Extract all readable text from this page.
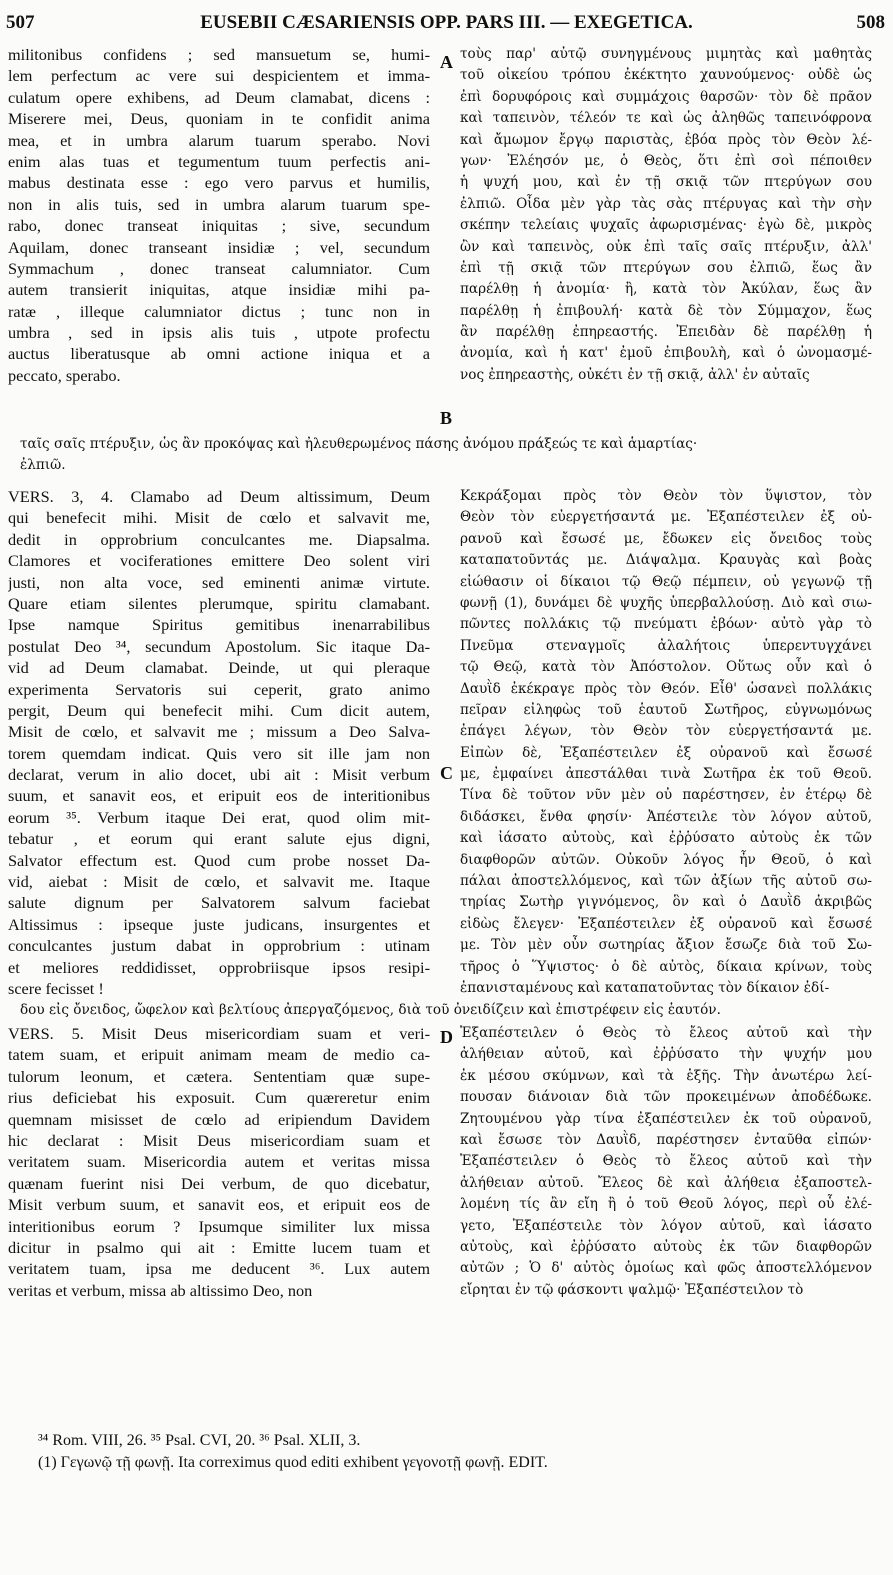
507	EUSEBII CÆSARIENSIS OPP. PARS III. — EXEGETICA.	508
militonibus confidens ; sed mansuetum se, humi-
lem perfectum ac vere sui despicientem et imma-
culatum opere exhibens, ad Deum clamabat, dicens :
Miserere mei, Deus, quoniam in te confidit anima
mea, et in umbra alarum tuarum sperabo. Novi
enim alas tuas et tegumentum tuum perfectis ani-
mabus destinata esse : ego vero parvus et humilis,
non in alis tuis, sed in umbra alarum tuarum spe-
rabo, donec transeat iniquitas ; sive, secundum
Aquilam, donec transeant insidiæ ; vel, secundum
Symmachum , donec transeat calumniator. Cum
autem transierit iniquitas, atque insidiæ mihi pa-
ratæ , illeque calumniator dictus ; tunc non in
umbra , sed in ipsis alis tuis , utpote profectu
auctus liberatusque ab omni actione iniqua et a
peccato, sperabo.
τοὺς παρ' αὐτῷ συνηγμένους μιμητὰς καὶ μαθητὰς
τοῦ οἰκείου τρόπου ἐκέκτητο χαυνούμενος· οὐδὲ ὡς
ἐπὶ δορυφόροις καὶ συμμάχοις θαρσῶν· τὸν δὲ πρᾶον
καὶ ταπεινὸν, τέλεόν τε καὶ ὡς ἀληθῶς ταπεινόφρονα
καὶ ἄμωμον ἔργῳ παριστὰς, ἐβόα πρὸς τὸν Θεὸν λέ-
γων· Ἐλέησόν με, ὁ Θεὸς, ὅτι ἐπὶ σοὶ πέποιθεν
ἡ ψυχή μου, καὶ ἐν τῇ σκιᾷ τῶν πτερύγων σου
ἐλπιῶ. Οἶδα μὲν γὰρ τὰς σὰς πτέρυγας καὶ τὴν σὴν
σκέπην τελείαις ψυχαῖς ἀφωρισμένας· ἐγὼ δὲ, μικρὸς
ὢν καὶ ταπεινὸς, οὐκ ἐπὶ ταῖς σαῖς πτέρυξιν, ἀλλ'
ἐπὶ τῇ σκιᾷ τῶν πτερύγων σου ἐλπιῶ, ἕως ἂν
παρέλθῃ ἡ ἀνομία· ἢ, κατὰ τὸν Ἀκύλαν, ἕως ἂν
παρέλθῃ ἡ ἐπιβουλή· κατὰ δὲ τὸν Σύμμαχον, ἕως
ἂν παρέλθῃ ἐπηρεαστής. Ἐπειδὰν δὲ παρέλθῃ ἡ
ἀνομία, καὶ ἡ κατ' ἐμοῦ ἐπιβουλὴ, καὶ ὁ ὠνομασμέ-
νος ἐπηρεαστὴς, οὐκέτι ἐν τῇ σκιᾷ, ἀλλ' ἐν αὐταῖς
A
B
ταῖς σαῖς πτέρυξιν, ὡς ἂν προκόψας καὶ ἠλευθερωμένος πάσης ἀνόμου πράξεώς τε καὶ ἁμαρτίας·
ἐλπιῶ.
VERS. 3, 4. Clamabo ad Deum altissimum, Deum
qui benefecit mihi. Misit de cœlo et salvavit me,
dedit in opprobrium conculcantes me. Diapsalma.
Clamores et vociferationes emittere Deo solent viri
justi, non alta voce, sed eminenti animæ virtute.
Quare etiam silentes plerumque, spiritu clamabant.
Ipse namque Spiritus gemitibus inenarrabilibus
postulat Deo ³⁴, secundum Apostolum. Sic itaque Da-
vid ad Deum clamabat. Deinde, ut qui pleraque
experimenta Servatoris sui ceperit, grato animo
pergit, Deum qui benefecit mihi. Cum dicit autem,
Misit de cœlo, et salvavit me ; missum a Deo Salva-
torem quemdam indicat. Quis vero sit ille jam non
declarat, verum in alio docet, ubi ait : Misit verbum
suum, et sanavit eos, et eripuit eos de interitionibus
eorum ³⁵. Verbum itaque Dei erat, quod olim mit-
tebatur , et eorum qui erant salute ejus digni,
Salvator effectum est. Quod cum probe nosset Da-
vid, aiebat : Misit de cœlo, et salvavit me. Itaque
salute dignum per Salvatorem salvum faciebat
Altissimus : ipseque juste judicans, insurgentes et
conculcantes justum dabat in opprobrium : utinam
et meliores reddidisset, opprobriisque ipsos resipi-
scere fecisset !
Κεκράξομαι πρὸς τὸν Θεὸν τὸν ὕψιστον, τὸν
Θεὸν τὸν εὐεργετήσαντά με. Ἐξαπέστειλεν ἐξ οὐ-
ρανοῦ καὶ ἔσωσέ με, ἔδωκεν εἰς ὄνειδος τοὺς
καταπατοῦντάς με. Διάψαλμα. Κραυγὰς καὶ βοὰς
εἰώθασιν οἱ δίκαιοι τῷ Θεῷ πέμπειν, οὐ γεγωνῷ τῇ
φωνῇ (1), δυνάμει δὲ ψυχῆς ὑπερβαλλούσῃ. Διὸ καὶ σιω-
πῶντες πολλάκις τῷ πνεύματι ἐβόων· αὐτὸ γὰρ τὸ
Πνεῦμα στεναγμοῖς ἀλαλήτοις ὑπερεντυγχάνει
τῷ Θεῷ, κατὰ τὸν Ἀπόστολον. Οὕτως οὖν καὶ ὁ
Δαυῒδ ἐκέκραγε πρὸς τὸν Θεόν. Εἶθ' ὡσανεὶ πολλάκις
πεῖραν εἰληφὼς τοῦ ἑαυτοῦ Σωτῆρος, εὐγνωμόνως
ἐπάγει λέγων, τὸν Θεὸν τὸν εὐεργετήσαντά με.
Εἰπὼν δὲ, Ἐξαπέστειλεν ἐξ οὐρανοῦ καὶ ἔσωσέ
με, ἐμφαίνει ἀπεστάλθαι τινὰ Σωτῆρα ἐκ τοῦ Θεοῦ.
Τίνα δὲ τοῦτον νῦν μὲν οὐ παρέστησεν, ἐν ἑτέρῳ δὲ
διδάσκει, ἔνθα φησίν· Ἀπέστειλε τὸν λόγον αὐτοῦ,
καὶ ἰάσατο αὐτοὺς, καὶ ἐῤῥύσατο αὐτοὺς ἐκ τῶν
διαφθορῶν αὐτῶν. Οὐκοῦν λόγος ἦν Θεοῦ, ὁ καὶ
πάλαι ἀποστελλόμενος, καὶ τῶν ἀξίων τῆς αὐτοῦ σω-
τηρίας Σωτὴρ γιγνόμενος, ὃν καὶ ὁ Δαυῒδ ἀκριβῶς
εἰδὼς ἔλεγεν· Ἐξαπέστειλεν ἐξ οὐρανοῦ καὶ ἔσωσέ
με. Τὸν μὲν οὖν σωτηρίας ἄξιον ἔσωζε διὰ τοῦ Σω-
τῆρος ὁ Ὕψιστος· ὁ δὲ αὐτὸς, δίκαια κρίνων, τοὺς
ἐπανισταμένους καὶ καταπατοῦντας τὸν δίκαιον ἐδί-
C
δου εἰς ὄνειδος, ὤφελον καὶ βελτίους ἀπεργαζόμενος, διὰ τοῦ ὀνειδίζειν καὶ ἐπιστρέφειν εἰς ἑαυτόν.
VERS. 5. Misit Deus misericordiam suam et veri-
tatem suam, et eripuit animam meam de medio ca-
tulorum leonum, et cætera. Sententiam quæ supe-
rius deficiebat his exposuit. Cum quæreretur enim
quemnam misisset de cœlo ad eripiendum Davidem
hic declarat : Misit Deus misericordiam suam et
veritatem suam. Misericordia autem et veritas missa
quænam fuerint nisi Dei verbum, de quo dicebatur,
Misit verbum suum, et sanavit eos, et eripuit eos de
interitionibus eorum ? Ipsumque similiter lux missa
dicitur in psalmo qui ait : Emitte lucem tuam et
veritatem tuam, ipsa me deducent ³⁶. Lux autem
veritas et verbum, missa ab altissimo Deo, non
Ἐξαπέστειλεν ὁ Θεὸς τὸ ἔλεος αὐτοῦ καὶ τὴν
ἀλήθειαν αὐτοῦ, καὶ ἐῤῥύσατο τὴν ψυχήν μου
ἐκ μέσου σκύμνων, καὶ τὰ ἑξῆς. Τὴν ἀνωτέρω λεί-
πουσαν διάνοιαν διὰ τῶν προκειμένων ἀποδέδωκε.
Ζητουμένου γὰρ τίνα ἐξαπέστειλεν ἐκ τοῦ οὐρανοῦ,
καὶ ἔσωσε τὸν Δαυῒδ, παρέστησεν ἐνταῦθα εἰπών·
Ἐξαπέστειλεν ὁ Θεὸς τὸ ἔλεος αὐτοῦ καὶ τὴν
ἀλήθειαν αὐτοῦ. Ἔλεος δὲ καὶ ἀλήθεια ἐξαποστελ-
λομένη τίς ἂν εἴη ἢ ὁ τοῦ Θεοῦ λόγος, περὶ οὗ ἐλέ-
γετο, Ἐξαπέστειλε τὸν λόγον αὐτοῦ, καὶ ἰάσατο
αὐτοὺς, καὶ ἐῤῥύσατο αὐτοὺς ἐκ τῶν διαφθορῶν
αὐτῶν ; Ὁ δ' αὐτὸς ὁμοίως καὶ φῶς ἀποστελλόμενον
εἴρηται ἐν τῷ φάσκοντι ψαλμῷ· Ἐξαπέστειλον τὸ
D
³⁴ Rom. VIII, 26. ³⁵ Psal. CVI, 20. ³⁶ Psal. XLII, 3.
(1) Γεγωνῷ τῇ φωνῇ. Ita correximus quod editi exhibent γεγονοτῇ φωνῇ. EDIT.
